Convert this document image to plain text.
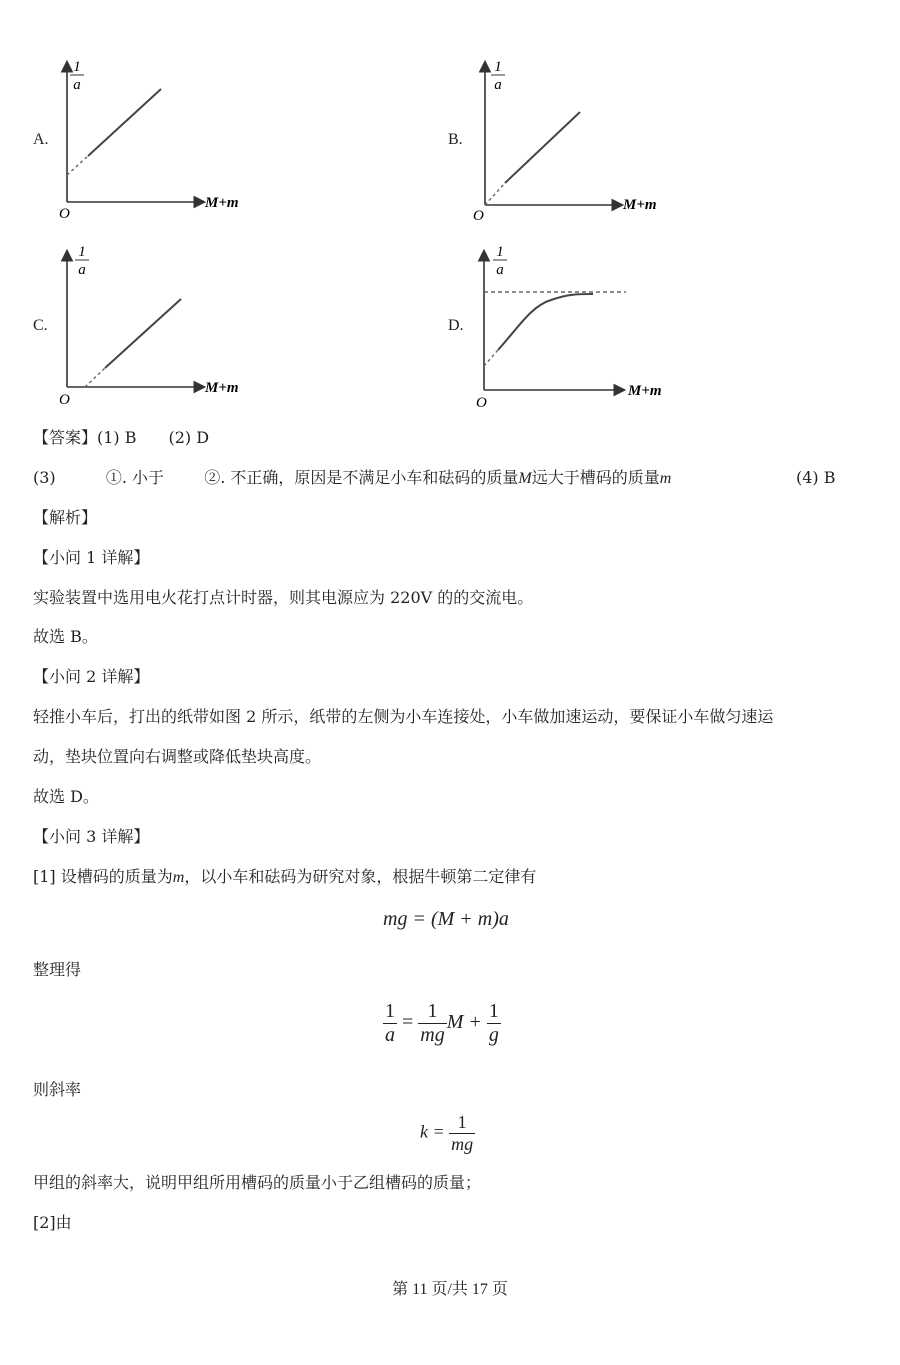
A.	B.
C.	D.
1
a
M+m
O
1
a
M+m
O
1
a
M+m
O
1
a
M+m
O
【答案】(1) B　　(2) D
(3)	①. 小于	②. 不正确，原因是不满足小车和砝码的质量M远大于槽码的质量m	(4) B
【解析】
【小问 1 详解】
实验装置中选用电火花打点计时器，则其电源应为 220V 的的交流电。
故选 B。
【小问 2 详解】
轻推小车后，打出的纸带如图 2 所示，纸带的左侧为小车连接处，小车做加速运动，要保证小车做匀速运
动，垫块位置向右调整或降低垫块高度。
故选 D。
【小问 3 详解】
[1] 设槽码的质量为m，以小车和砝码为研究对象，根据牛顿第二定律有
mg = (M + m)a
整理得
$\frac{1}{a} = \frac{1}{mg}$ $M + \frac{1}{g}$
则斜率
$k = \frac{1}{mg}$
甲组的斜率大，说明甲组所用槽码的质量小于乙组槽码的质量；
[2]由
第 11 页/共 17 页
